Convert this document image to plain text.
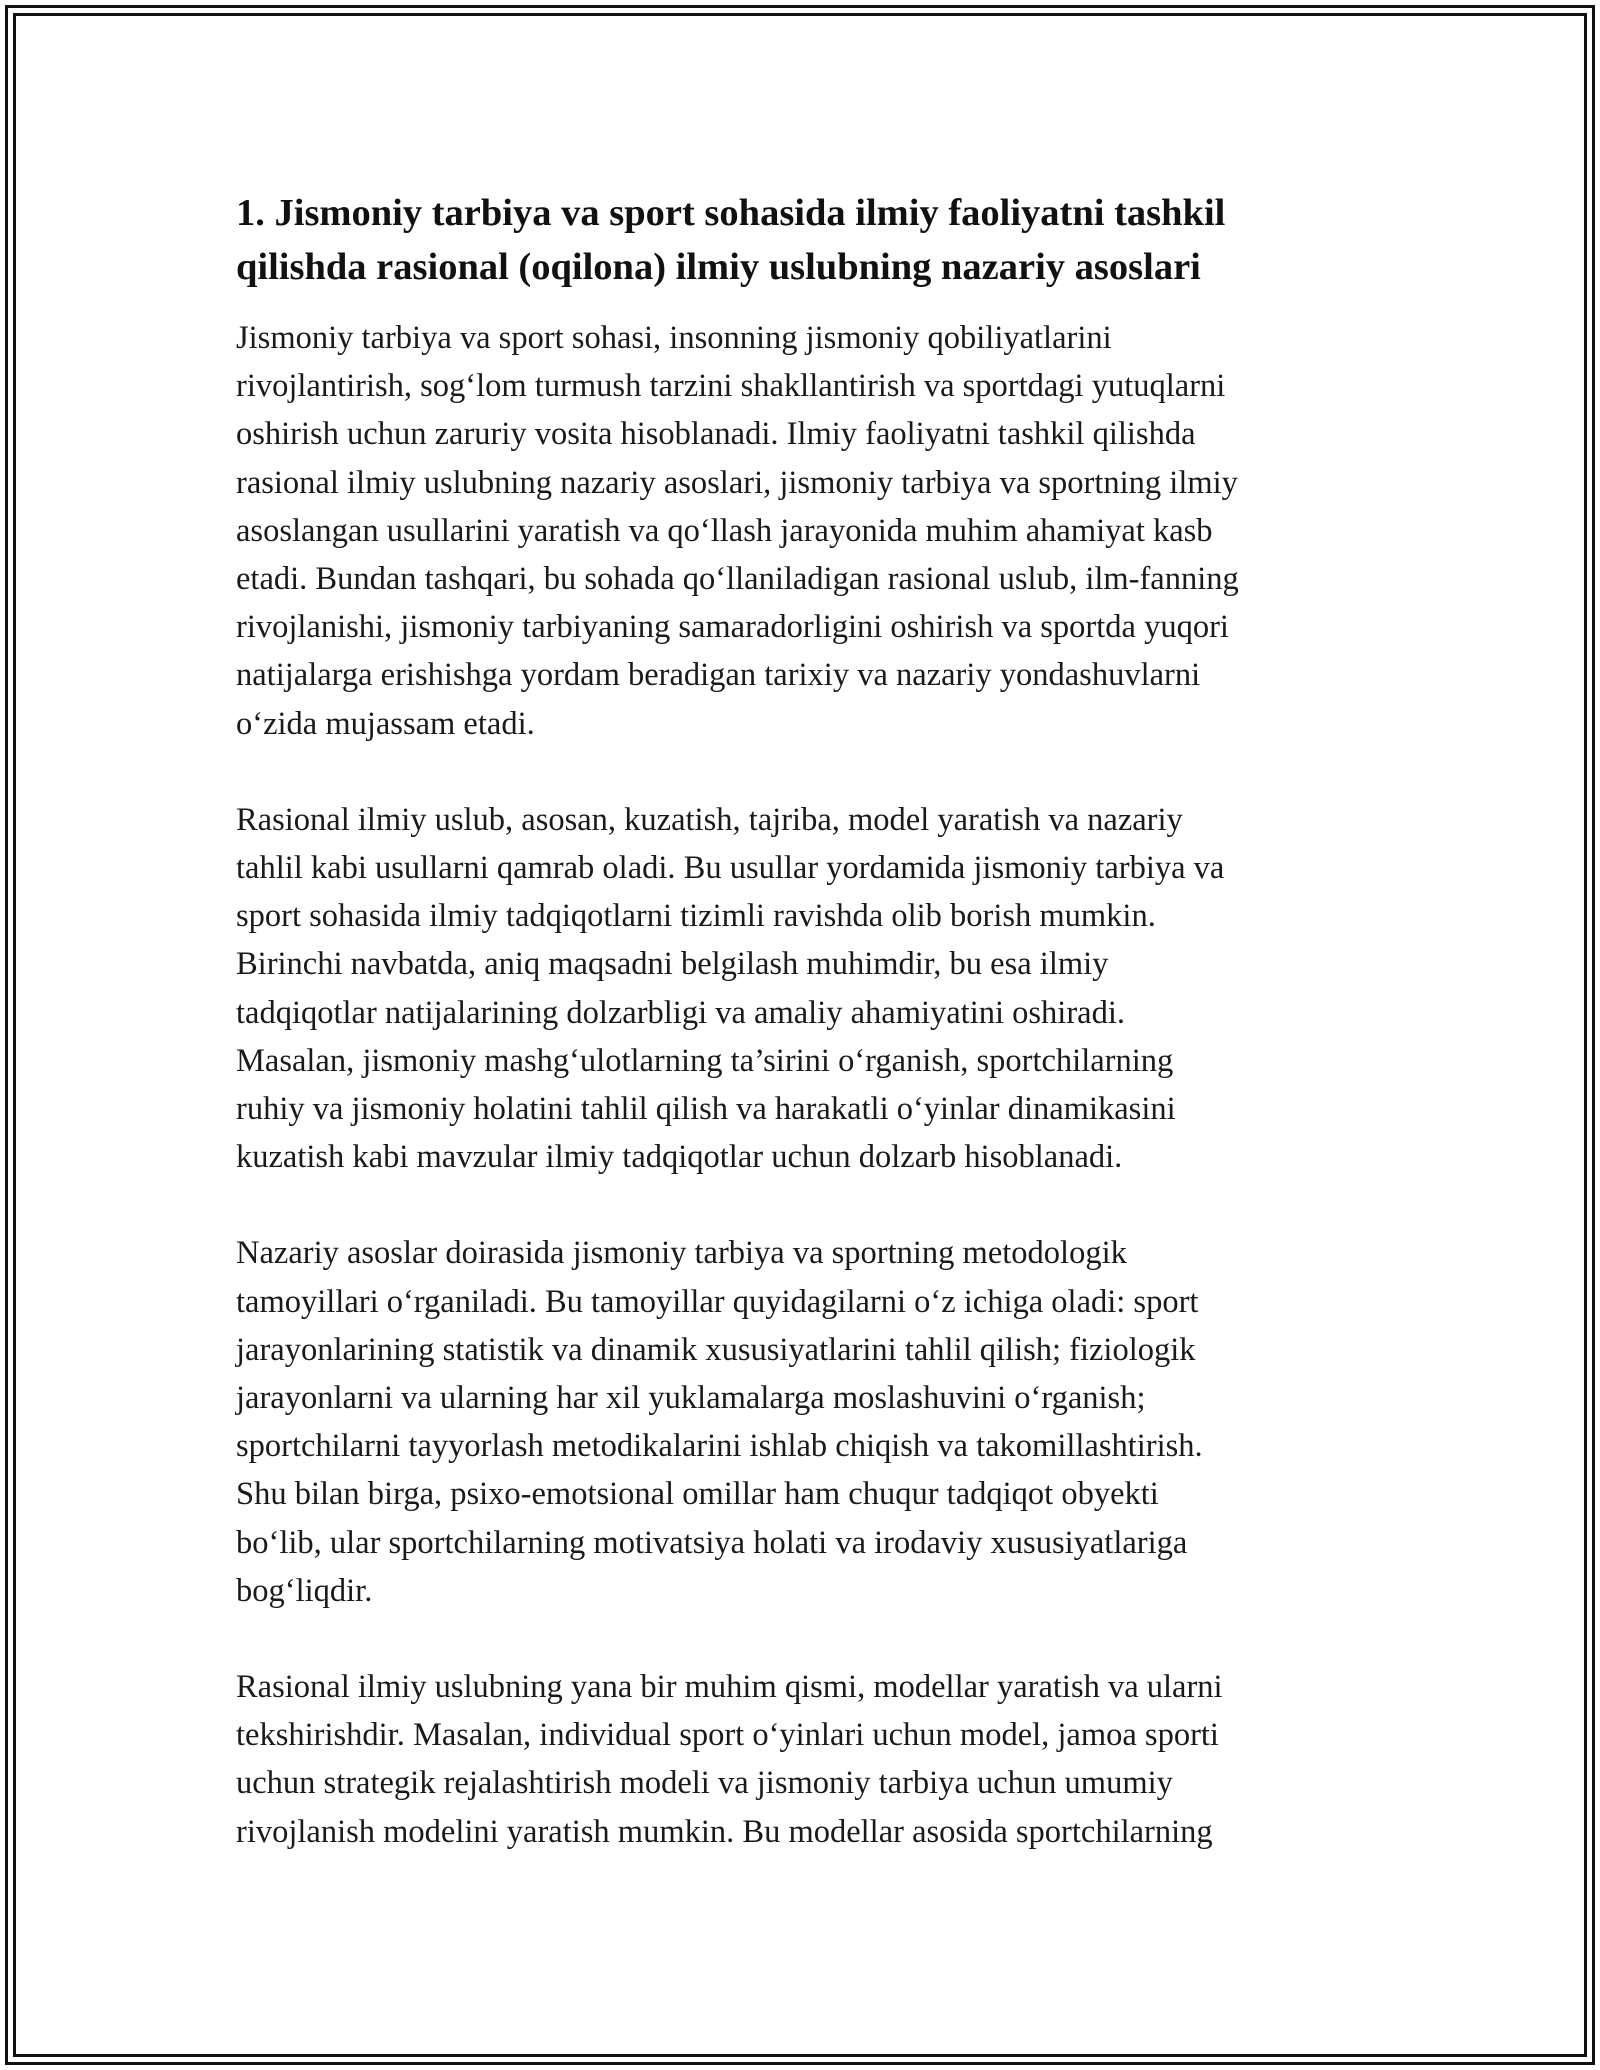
1. Jismoniy tarbiya va sport sohasida ilmiy faoliyatni tashkil
qilishda rasional (oqilona) ilmiy uslubning nazariy asoslari
Jismoniy tarbiya va sport sohasi, insonning jismoniy qobiliyatlarini
rivojlantirish, sog‘lom turmush tarzini shakllantirish va sportdagi yutuqlarni
oshirish uchun zaruriy vosita hisoblanadi. Ilmiy faoliyatni tashkil qilishda
rasional ilmiy uslubning nazariy asoslari, jismoniy tarbiya va sportning ilmiy
asoslangan usullarini yaratish va qo‘llash jarayonida muhim ahamiyat kasb
etadi. Bundan tashqari, bu sohada qo‘llaniladigan rasional uslub, ilm-fanning
rivojlanishi, jismoniy tarbiyaning samaradorligini oshirish va sportda yuqori
natijalarga erishishga yordam beradigan tarixiy va nazariy yondashuvlarni
o‘zida mujassam etadi.
Rasional ilmiy uslub, asosan, kuzatish, tajriba, model yaratish va nazariy
tahlil kabi usullarni qamrab oladi. Bu usullar yordamida jismoniy tarbiya va
sport sohasida ilmiy tadqiqotlarni tizimli ravishda olib borish mumkin.
Birinchi navbatda, aniq maqsadni belgilash muhimdir, bu esa ilmiy
tadqiqotlar natijalarining dolzarbligi va amaliy ahamiyatini oshiradi.
Masalan, jismoniy mashg‘ulotlarning ta’sirini o‘rganish, sportchilarning
ruhiy va jismoniy holatini tahlil qilish va harakatli o‘yinlar dinamikasini
kuzatish kabi mavzular ilmiy tadqiqotlar uchun dolzarb hisoblanadi.
Nazariy asoslar doirasida jismoniy tarbiya va sportning metodologik
tamoyillari o‘rganiladi. Bu tamoyillar quyidagilarni o‘z ichiga oladi: sport
jarayonlarining statistik va dinamik xususiyatlarini tahlil qilish; fiziologik
jarayonlarni va ularning har xil yuklamalarga moslashuvini o‘rganish;
sportchilarni tayyorlash metodikalarini ishlab chiqish va takomillashtirish.
Shu bilan birga, psixo-emotsional omillar ham chuqur tadqiqot obyekti
bo‘lib, ular sportchilarning motivatsiya holati va irodaviy xususiyatlariga
bog‘liqdir.
Rasional ilmiy uslubning yana bir muhim qismi, modellar yaratish va ularni
tekshirishdir. Masalan, individual sport o‘yinlari uchun model, jamoa sporti
uchun strategik rejalashtirish modeli va jismoniy tarbiya uchun umumiy
rivojlanish modelini yaratish mumkin. Bu modellar asosida sportchilarning
